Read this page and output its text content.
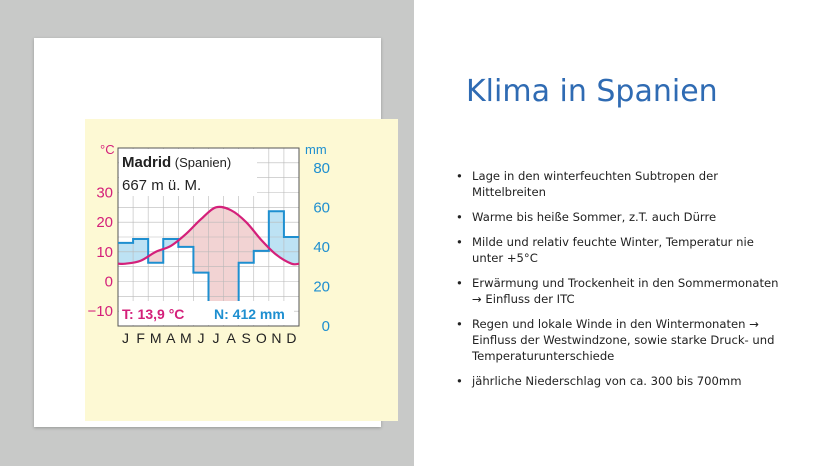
Madrid (Spanien)
667 m ü. M.
T: 13,9 °C N: 412 mm
°C	mm
30
20
10
0
−10
80
60
40
20
0
J F M A M J J A S O N D
Klima in Spanien
• Lage in den winterfeuchten Subtropen der Mittelbreiten
• Warme bis heiße Sommer, z.T. auch Dürre
• Milde und relativ feuchte Winter, Temperatur nie unter +5°C
• Erwärmung und Trockenheit in den Sommermonaten → Einfluss der ITC
• Regen und lokale Winde in den Wintermonaten → Einfluss der Westwindzone, sowie starke Druck- und Temperaturunterschiede
• jährliche Niederschlag von ca. 300 bis 700mm
